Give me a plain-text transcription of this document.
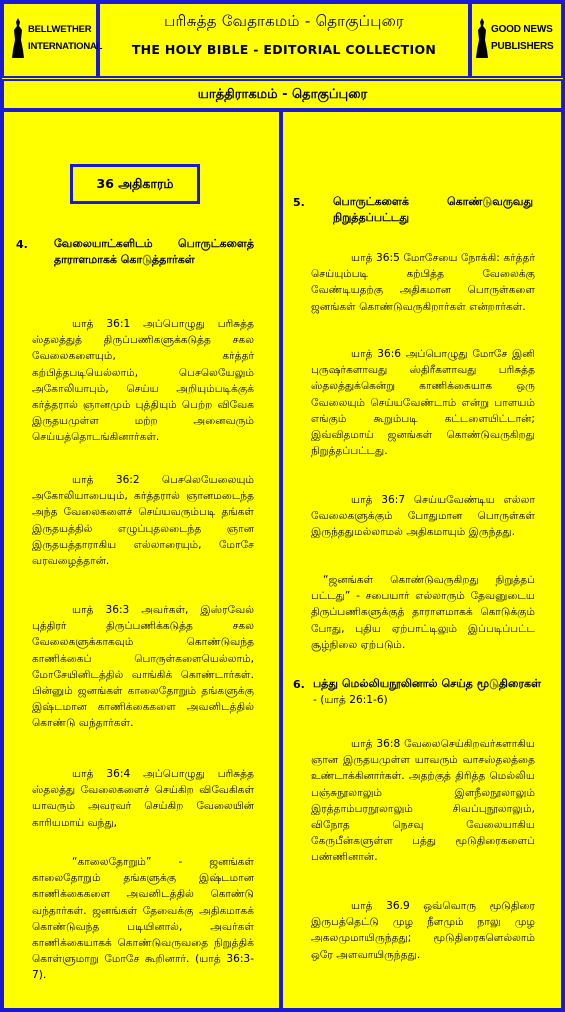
BELLWETHER
INTERNATIONAL
பரிசுத்த வேதாகமம் - தொகுப்புரை
THE HOLY BIBLE - EDITORIAL COLLECTION
GOOD NEWS
PUBLISHERS
யாத்திராகமம் - தொகுப்புரை
36 அதிகாரம்
4. வேலையாட்களிடம் பொருட்களைத் தாராளமாகக் கொடுத்தார்கள்

யாத் 36:1 அப்பொழுது பரிசுத்த ஸ்தலத்துத் திருப்பணிகளுக்கடுத்த சகல வேலைகளையும், கர்த்தர் கற்பித்தபடியெல்லாம், பெசலெயேலும் அகோலியாபும், செய்ய அறியும்படிக்குக் கர்த்தரால் ஞானமும் புத்தியும் பெற்ற விவேக இருதயமுள்ள மற்ற அனைவரும் செய்யத்தொடங்கினார்கள்.

யாத் 36:2 பெசலெயேலையும் அகோலியாபையும், கர்த்தரால் ஞானமடைந்த அந்த வேலைகளைச் செய்யவரும்படி தங்கள் இருதயத்தில் எழுப்புதலடைந்த ஞான இருதயத்தாராகிய எல்லாரையும், மோசே வரவழைத்தான்.

யாத் 36:3 அவர்கள், இஸ்ரவேல் புத்திரர் திருப்பணிக்கடுத்த சகல வேலைகளுக்காகவும் கொண்டுவந்த காணிக்கைப் பொருள்களையெல்லாம், மோசேயினிடத்தில் வாங்கிக் கொண்டார்கள். பின்னும் ஜனங்கள் காலைதோறும் தங்களுக்கு இஷ்டமான காணிக்கைகளை அவனிடத்தில் கொண்டு வந்தார்கள்.

யாத் 36:4 அப்பொழுது பரிசுத்த ஸ்தலத்து வேலைகளைச் செய்கிற விவேகிகள் யாவரும் அவரவர் செய்கிற வேலையின் காரியமாய் வந்து,

“காலைதோறும்” - ஜனங்கள் காலைதோறும் தங்களுக்கு இஷ்டமான காணிக்கைகளை அவனிடத்தில் கொண்டு வந்தார்கள். ஜனங்கள் தேவைக்கு அதிகமாகக் கொண்டுவந்த படியினால், அவர்கள் காணிக்கையாகக் கொண்டுவருவதை நிறுத்திக் கொள்ளுமாறு மோசே கூறினார். (யாத் 36:3-7).

5.	பொருட்களைக் கொண்டுவருவது நிறுத்தப்பட்டது

யாத் 36:5 மோசேயை நோக்கி: கர்த்தர் செய்யும்படி கற்பித்த வேலைக்கு வேண்டியதற்கு அதிகமான பொருள்களை ஜனங்கள் கொண்டுவருகிறார்கள் என்றார்கள்.

யாத் 36:6 அப்பொழுது மோசே இனி புருஷர்களாவது ஸ்திரீகளாவது பரிசுத்த ஸ்தலத்துக்கென்று காணிக்கையாக ஒரு வேலையும் செய்யவேண்டாம் என்று பாளயம் எங்கும் கூறும்படி கட்டளையிட்டான்; இவ்விதமாய் ஜனங்கள் கொண்டுவருகிறது நிறுத்தப்பட்டது.

யாத் 36:7 செய்யவேண்டிய எல்லா வேலைகளுக்கும் போதுமான பொருள்கள் இருந்ததுமல்லாமல் அதிகமாயும் இருந்தது.

“ஜனங்கள் கொண்டுவருகிறது நிறுத்தப் பட்டது” - சபையார் எல்லாரும் தேவனுடைய திருப்பணிகளுக்குத் தாராளமாகக் கொடுக்கும் போது, புதிய ஏற்பாட்டிலும் இப்படிப்பட்ட சூழ்நிலை ஏற்படும்.

6. பத்து மெல்லியநூலினால் செய்த மூடுதிரைகள் - (யாத் 26:1-6)

யாத் 36:8 வேலைசெய்கிறவர்களாகிய ஞான இருதயமுள்ள யாவரும் வாசஸ்தலத்தை உண்டாக்கினார்கள். அதற்குத் திரித்த மெல்லிய பஞ்சுநூலாலும் இளநீலநூலாலும் இரத்தாம்பரநூலாலும் சிவப்புநூலாலும், விநோத நெசவு வேலையாகிய கேருபீன்களுள்ள பத்து மூடுதிரைகளைப் பண்ணினான்.

யாத் 36.9 ஒவ்வொரு மூடுதிரை இருபத்தெட்டு முழ நீளமும் நாலு முழ அகலமுமாயிருந்தது; மூடுதிரைகளெல்லாம் ஒரே அளவாயிருந்தது.
